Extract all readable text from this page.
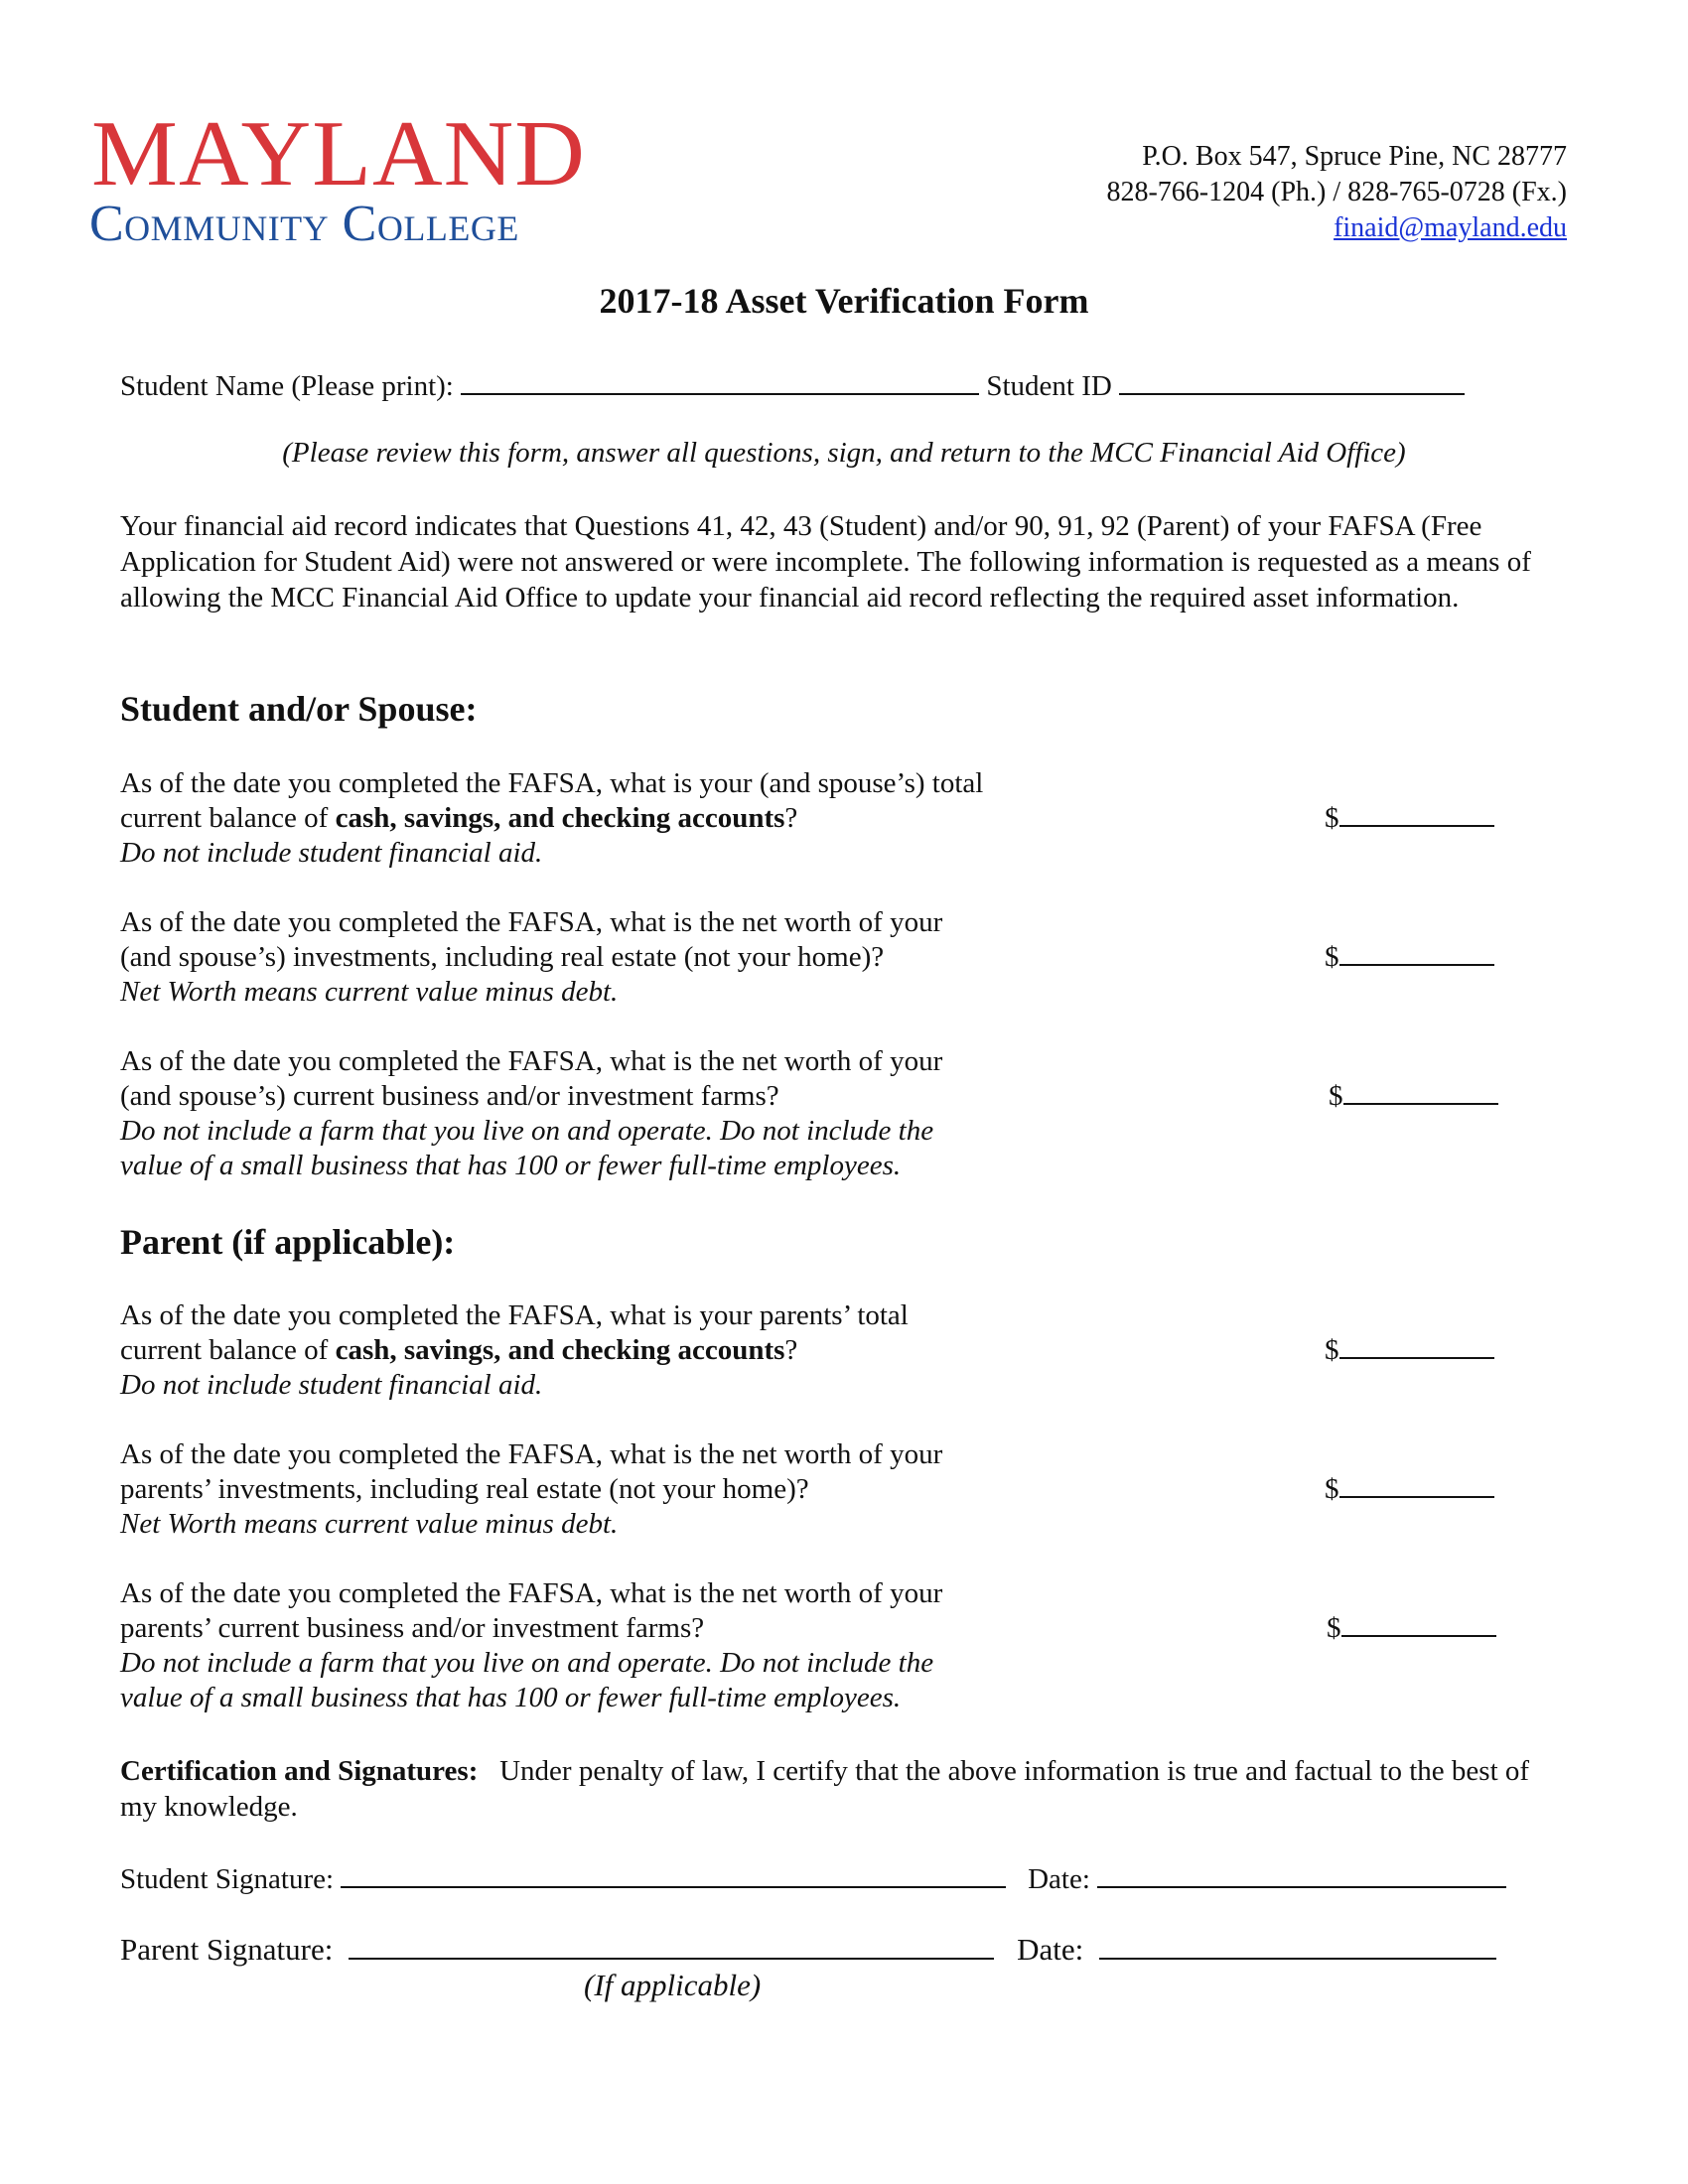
MAYLAND
Community College
P.O. Box 547, Spruce Pine, NC 28777
828-766-1204 (Ph.) / 828-765-0728 (Fx.)
finaid@mayland.edu
2017-18 Asset Verification Form
Student Name (Please print):	Student ID
(Please review this form, answer all questions, sign, and return to the MCC Financial Aid Office)
Your financial aid record indicates that Questions 41, 42, 43 (Student) and/or 90, 91, 92 (Parent) of your FAFSA (Free Application for Student Aid) were not answered or were incomplete. The following information is requested as a means of allowing the MCC Financial Aid Office to update your financial aid record reflecting the required asset information.
Student and/or Spouse:
As of the date you completed the FAFSA, what is your (and spouse’s) total
current balance of cash, savings, and checking accounts?
Do not include student financial aid.
$
As of the date you completed the FAFSA, what is the net worth of your
(and spouse’s) investments, including real estate (not your home)?
Net Worth means current value minus debt.
$
As of the date you completed the FAFSA, what is the net worth of your
(and spouse’s) current business and/or investment farms?
Do not include a farm that you live on and operate. Do not include the
value of a small business that has 100 or fewer full-time employees.
$
Parent (if applicable):
As of the date you completed the FAFSA, what is your parents’ total
current balance of cash, savings, and checking accounts?
Do not include student financial aid.
$
As of the date you completed the FAFSA, what is the net worth of your
parents’ investments, including real estate (not your home)?
Net Worth means current value minus debt.
$
As of the date you completed the FAFSA, what is the net worth of your
parents’ current business and/or investment farms?
Do not include a farm that you live on and operate. Do not include the
value of a small business that has 100 or fewer full-time employees.
$
Certification and Signatures: Under penalty of law, I certify that the above information is true and factual to the best of my knowledge.
Student Signature:	Date:
Parent Signature:	Date:
(If applicable)
